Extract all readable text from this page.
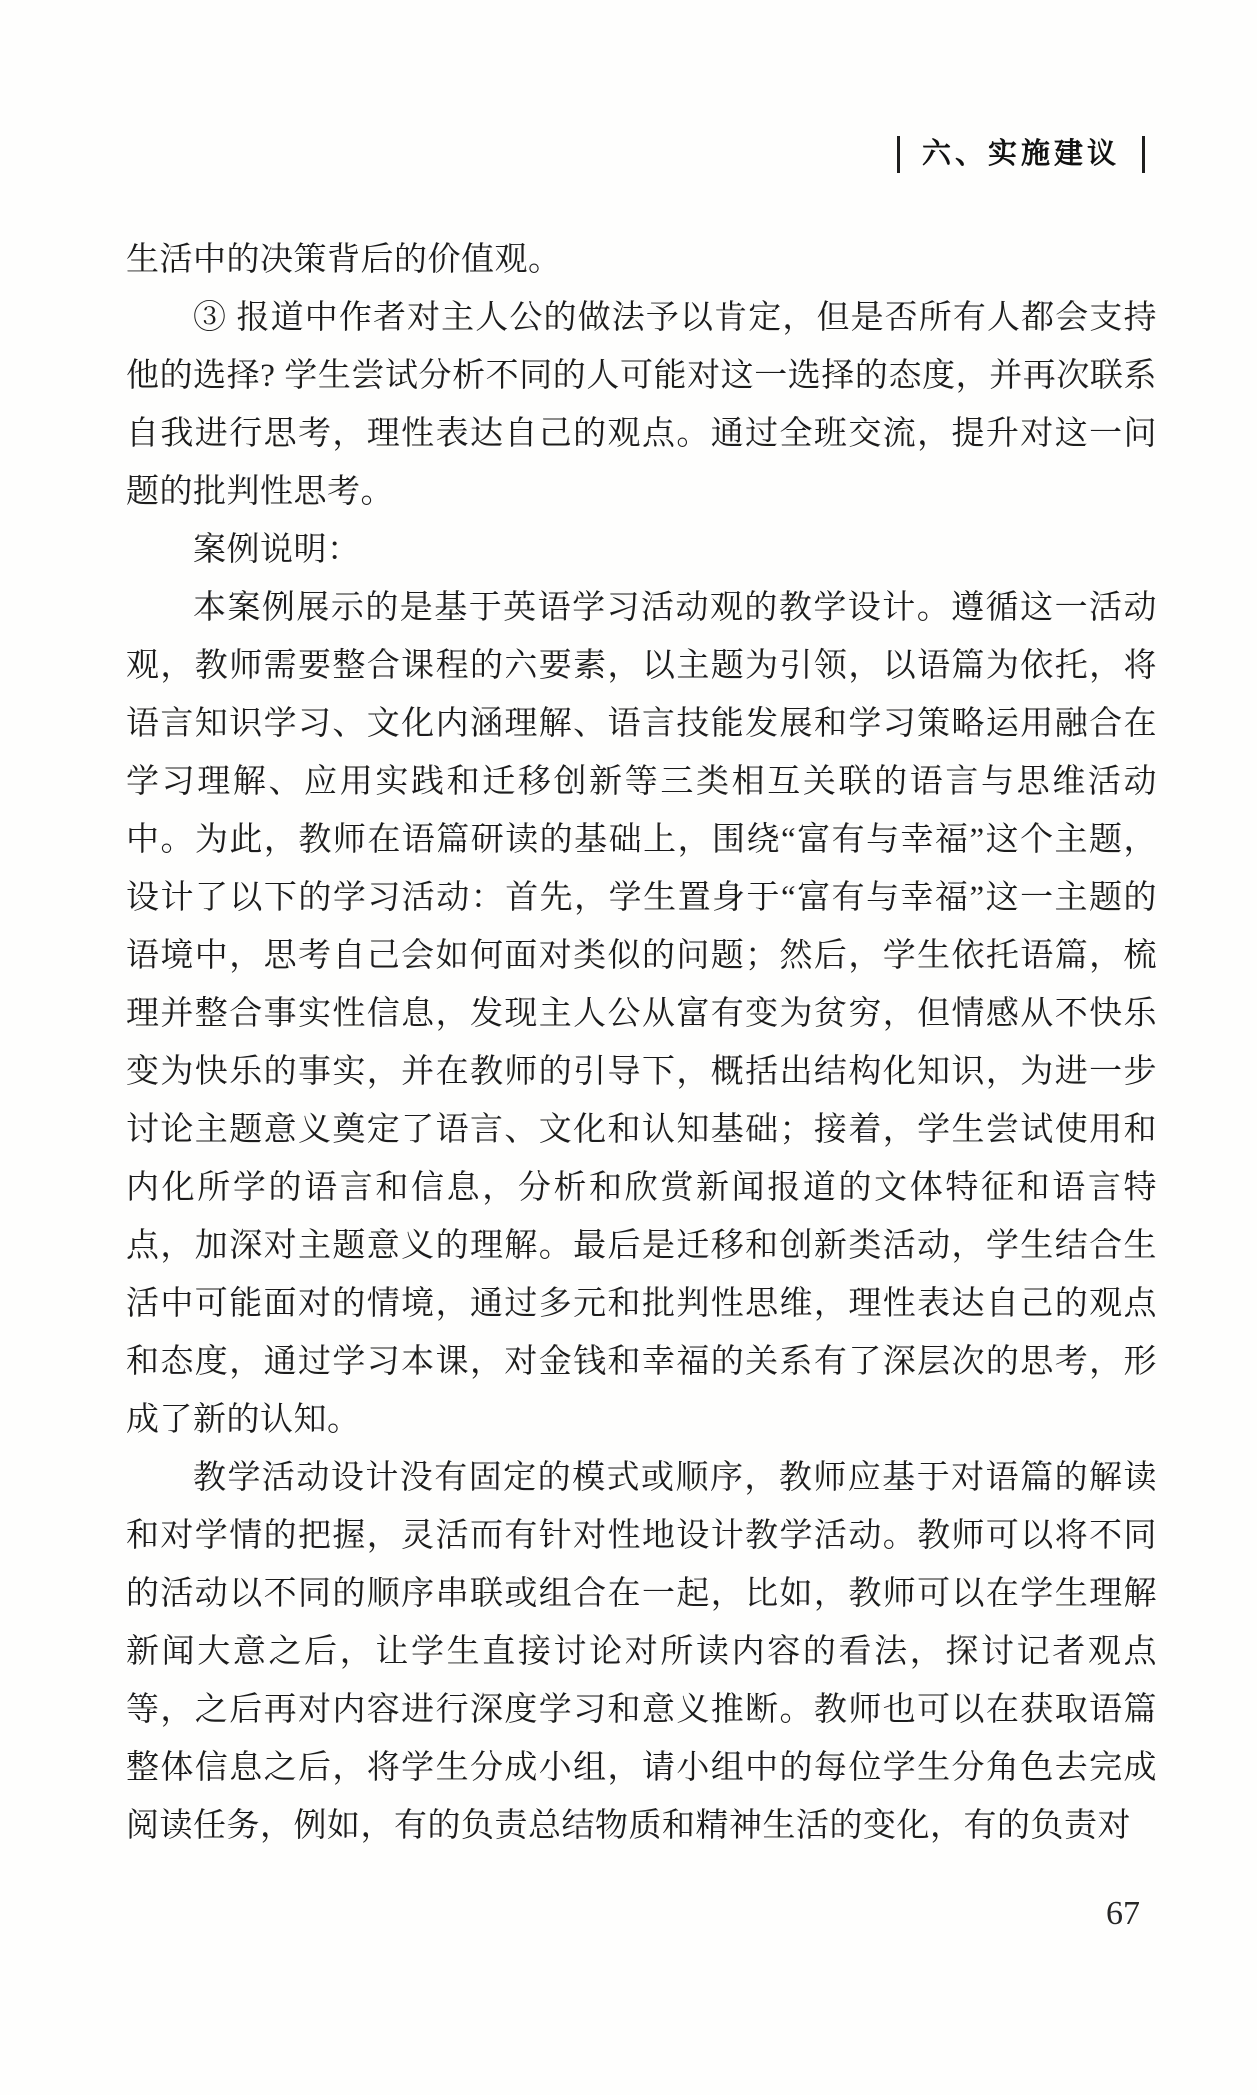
六、实施建议

生活中的决策背后的价值观。

③ 报道中作者对主人公的做法予以肯定，但是否所有人都会支持他的选择? 学生尝试分析不同的人可能对这一选择的态度，并再次联系自我进行思考，理性表达自己的观点。通过全班交流，提升对这一问题的批判性思考。

案例说明：

本案例展示的是基于英语学习活动观的教学设计。遵循这一活动观，教师需要整合课程的六要素，以主题为引领，以语篇为依托，将语言知识学习、文化内涵理解、语言技能发展和学习策略运用融合在学习理解、应用实践和迁移创新等三类相互关联的语言与思维活动中。为此，教师在语篇研读的基础上，围绕“富有与幸福”这个主题，设计了以下的学习活动：首先，学生置身于“富有与幸福”这一主题的语境中，思考自己会如何面对类似的问题；然后，学生依托语篇，梳理并整合事实性信息，发现主人公从富有变为贫穷，但情感从不快乐变为快乐的事实，并在教师的引导下，概括出结构化知识，为进一步讨论主题意义奠定了语言、文化和认知基础；接着，学生尝试使用和内化所学的语言和信息，分析和欣赏新闻报道的文体特征和语言特点，加深对主题意义的理解。最后是迁移和创新类活动，学生结合生活中可能面对的情境，通过多元和批判性思维，理性表达自己的观点和态度，通过学习本课，对金钱和幸福的关系有了深层次的思考，形成了新的认知。

教学活动设计没有固定的模式或顺序，教师应基于对语篇的解读和对学情的把握，灵活而有针对性地设计教学活动。教师可以将不同的活动以不同的顺序串联或组合在一起，比如，教师可以在学生理解新闻大意之后，让学生直接讨论对所读内容的看法，探讨记者观点等，之后再对内容进行深度学习和意义推断。教师也可以在获取语篇整体信息之后，将学生分成小组，请小组中的每位学生分角色去完成阅读任务，例如，有的负责总结物质和精神生活的变化，有的负责对

67
